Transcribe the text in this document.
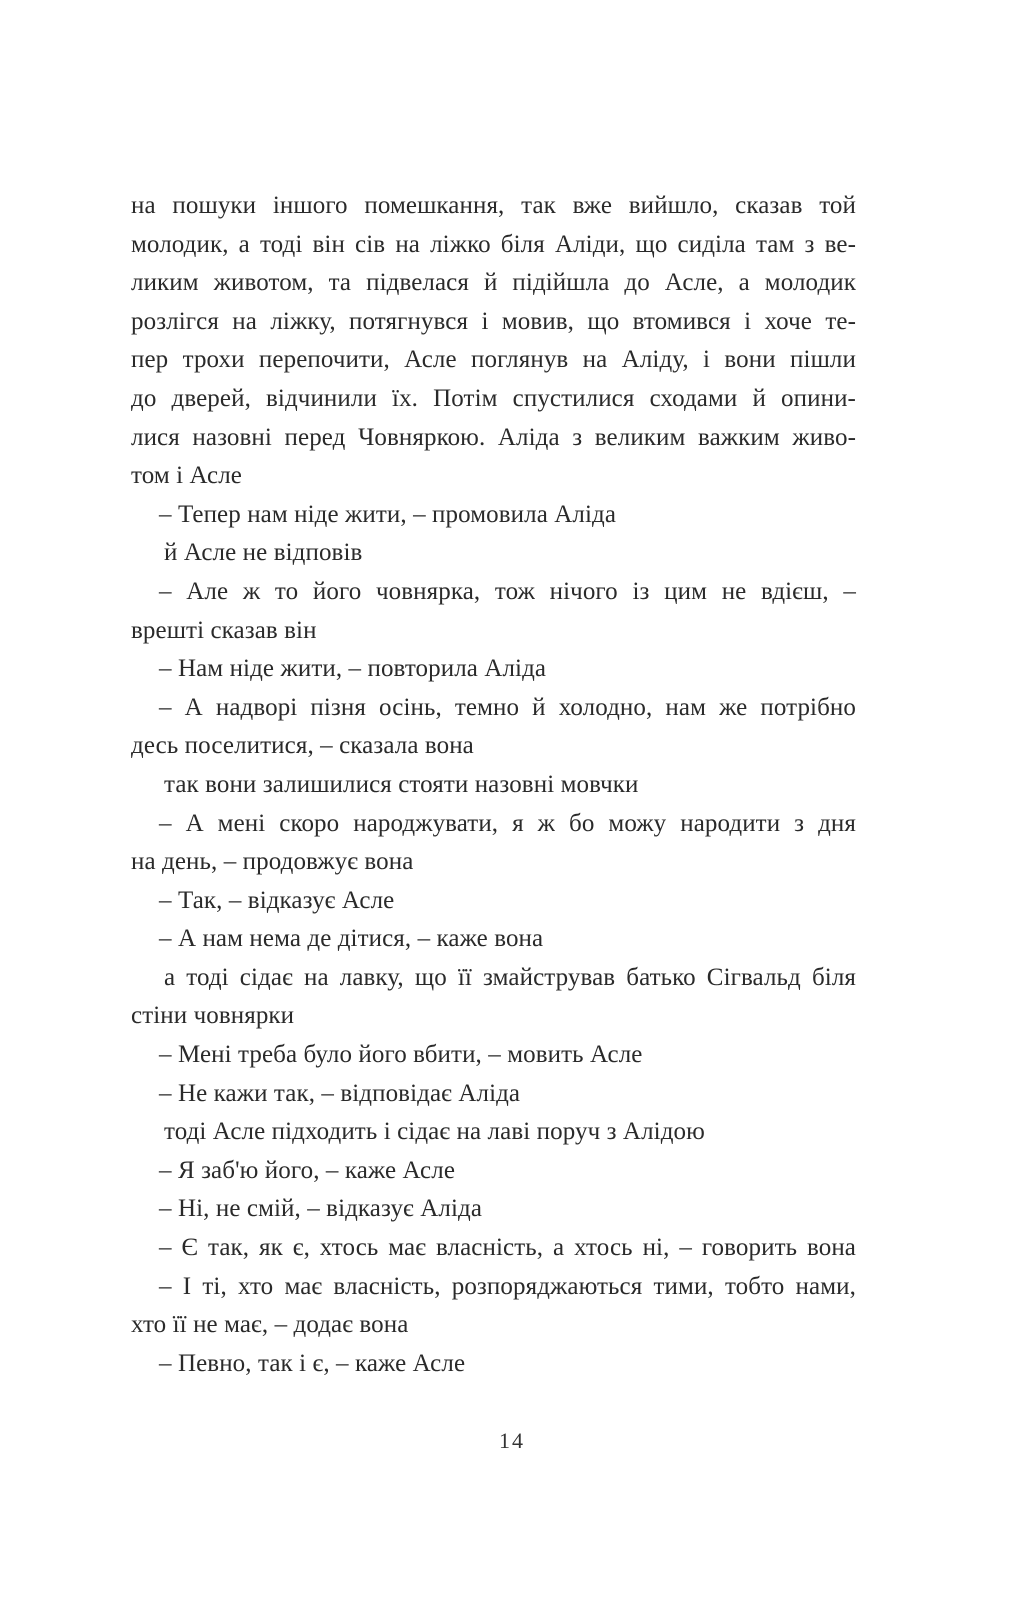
на пошуки іншого помешкання, так вже вийшло, сказав той
молодик, а тоді він сів на ліжко біля Аліди, що сиділа там з ве-
ликим животом, та підвелася й підійшла до Асле, а молодик
розлігся на ліжку, потягнувся і мовив, що втомився і хоче те-
пер трохи перепочити, Асле поглянув на Аліду, і вони пішли
до дверей, відчинили їх. Потім спустилися сходами й опини-
лися назовні перед Човняркою. Аліда з великим важким живо-
том і Асле
– Тепер нам ніде жити, – промовила Аліда
й Асле не відповів
– Але ж то його човнярка, тож нічого із цим не вдієш, –
врешті сказав він
– Нам ніде жити, – повторила Аліда
– А надворі пізня осінь, темно й холодно, нам же потрібно
десь поселитися, – сказала вона
так вони залишилися стояти назовні мовчки
– А мені скоро народжувати, я ж бо можу народити з дня
на день, – продовжує вона
– Так, – відказує Асле
– А нам нема де дітися, – каже вона
а тоді сідає на лавку, що її змайстрував батько Сігвальд біля
стіни човнярки
– Мені треба було його вбити, – мовить Асле
– Не кажи так, – відповідає Аліда
тоді Асле підходить і сідає на лаві поруч з Алідою
– Я заб'ю його, – каже Асле
– Ні, не смій, – відказує Аліда
– Є так, як є, хтось має власність, а хтось ні, – говорить вона
– І ті, хто має власність, розпоряджаються тими, тобто нами,
хто її не має, – додає вона
– Певно, так і є, – каже Асле
14
